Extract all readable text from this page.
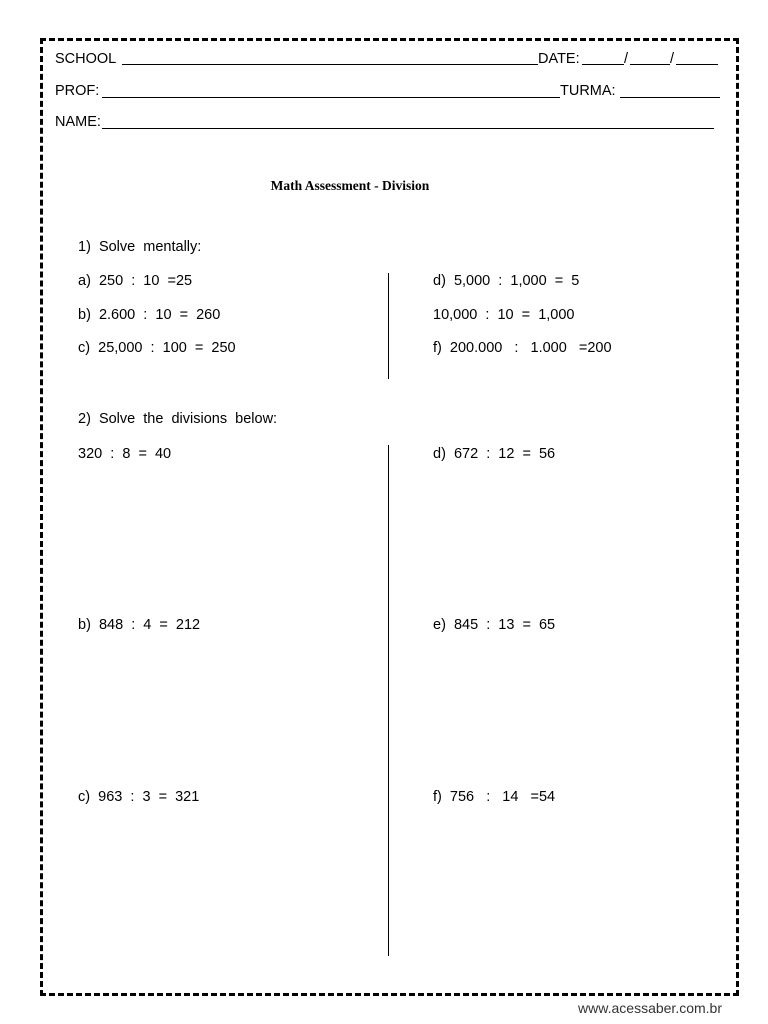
SCHOOL	DATE:	/	/
PROF:	TURMA:
NAME:
Math Assessment - Division
1)  Solve  mentally:
a)  250  :  10  =25
b)  2.600  :  10  =  260
c)  25,000  :  100  =  250
d)  5,000  :  1,000  =  5
10,000  :  10  =  1,000
f)  200.000   :   1.000   =200
2)  Solve  the  divisions  below:
320  :  8  =  40
b)  848  :  4  =  212
c)  963  :  3  =  321
d)  672  :  12  =  56
e)  845  :  13  =  65
f)  756   :   14   =54
www.acessaber.com.br
